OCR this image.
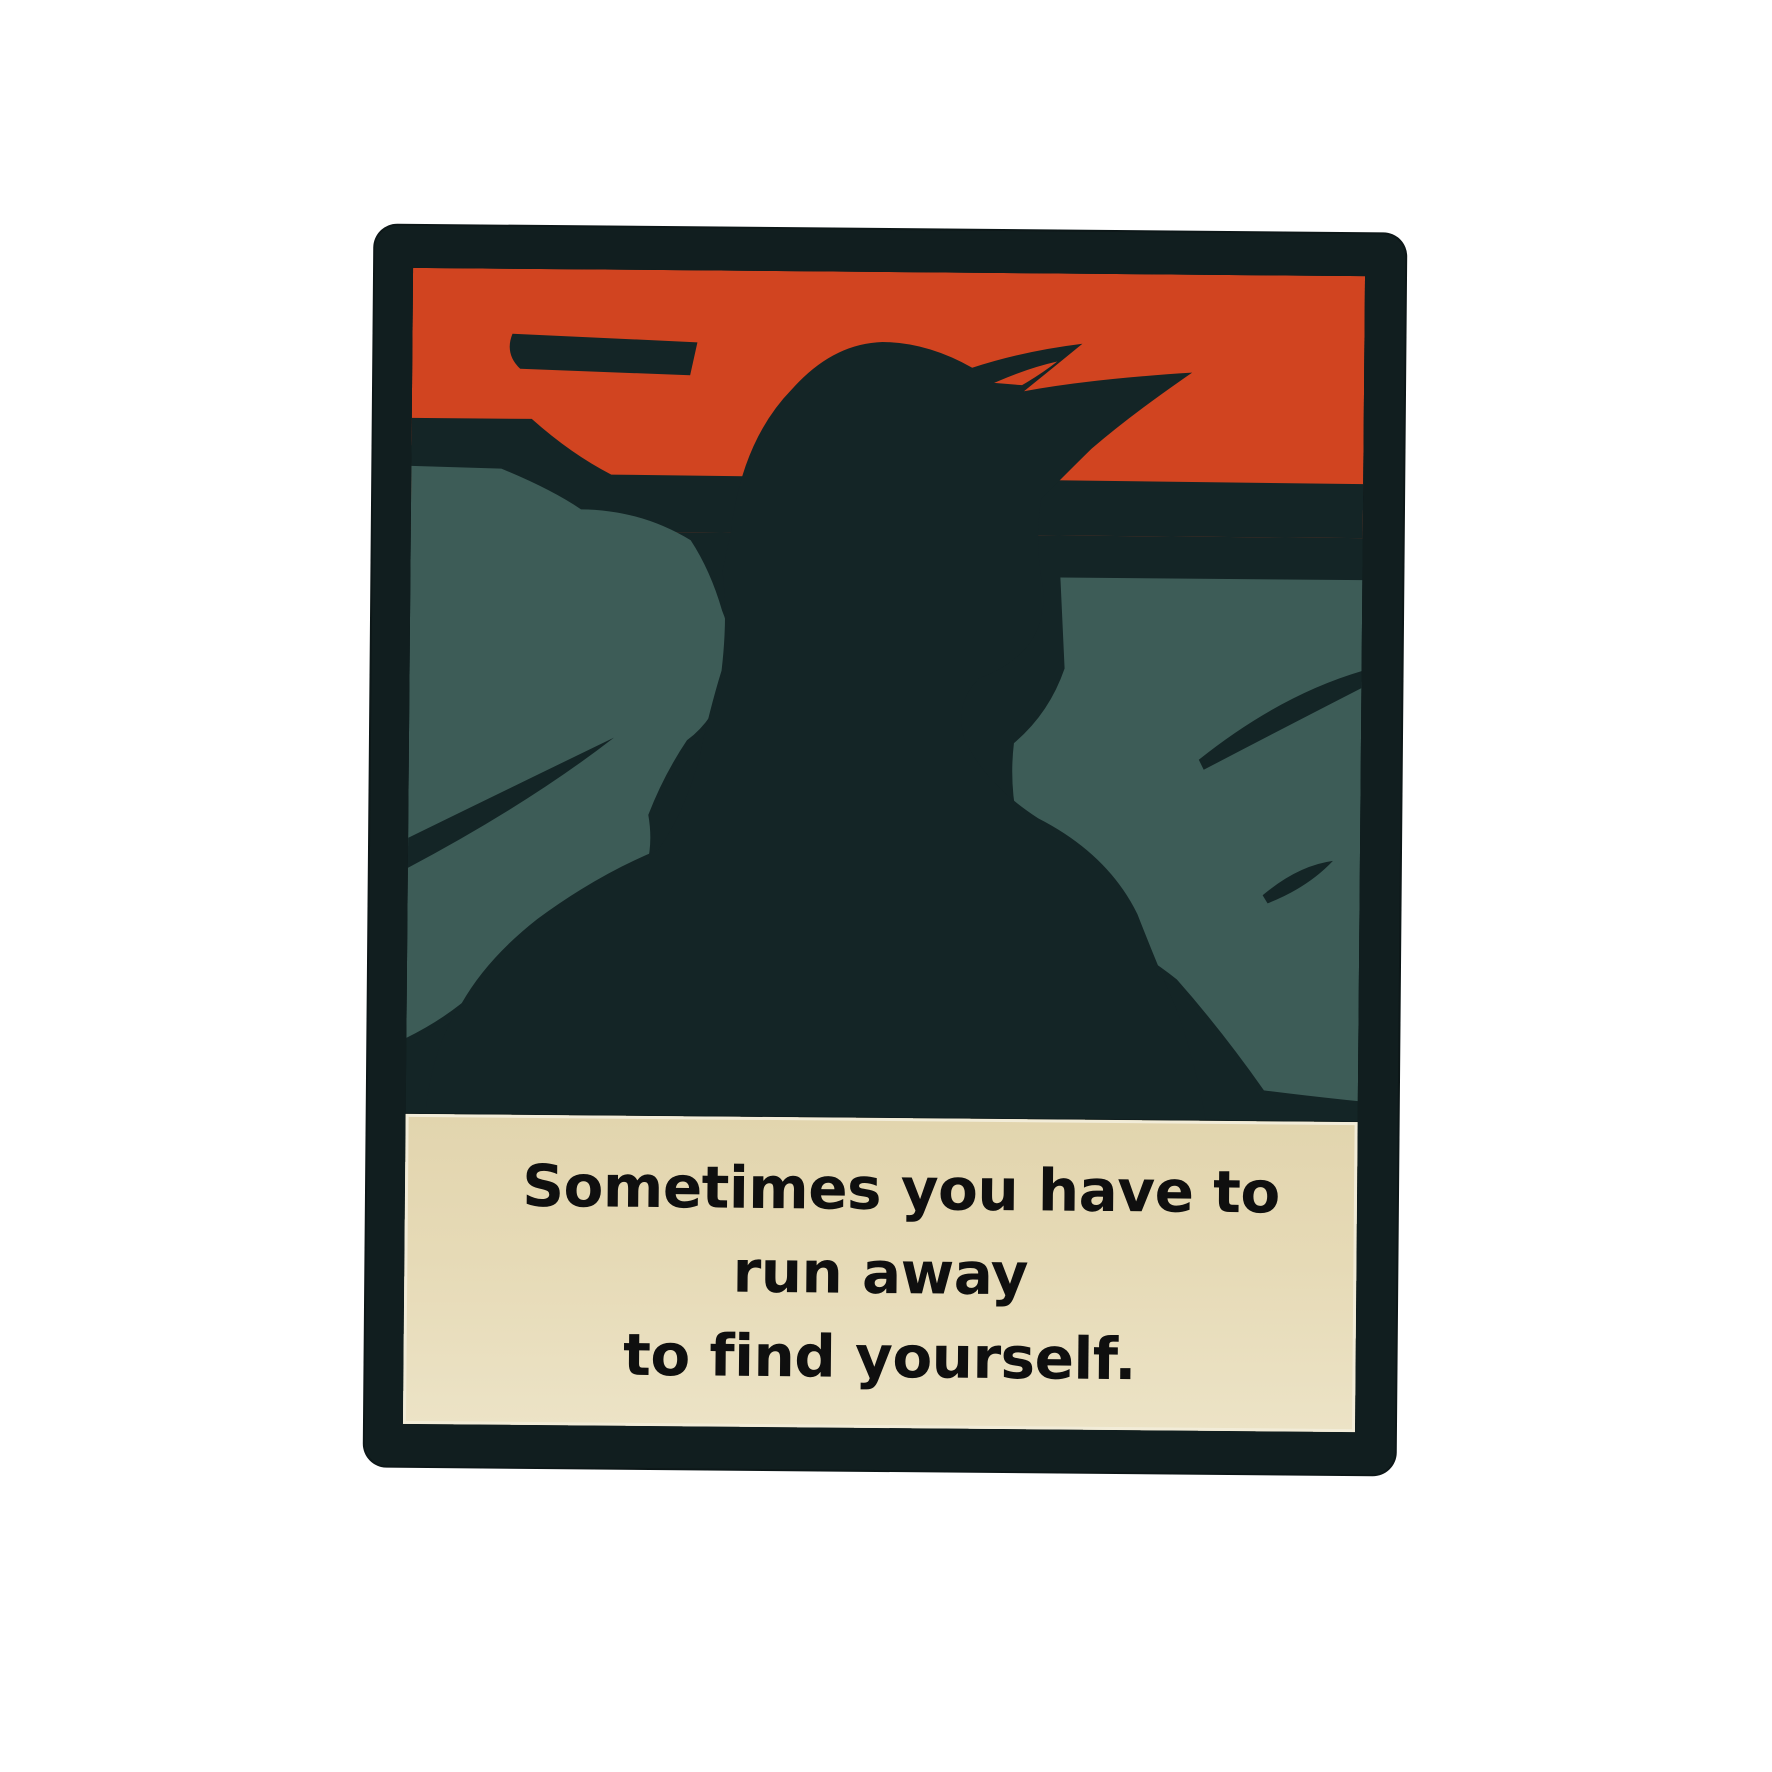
Sometimes you have to
run away
to find yourself.
